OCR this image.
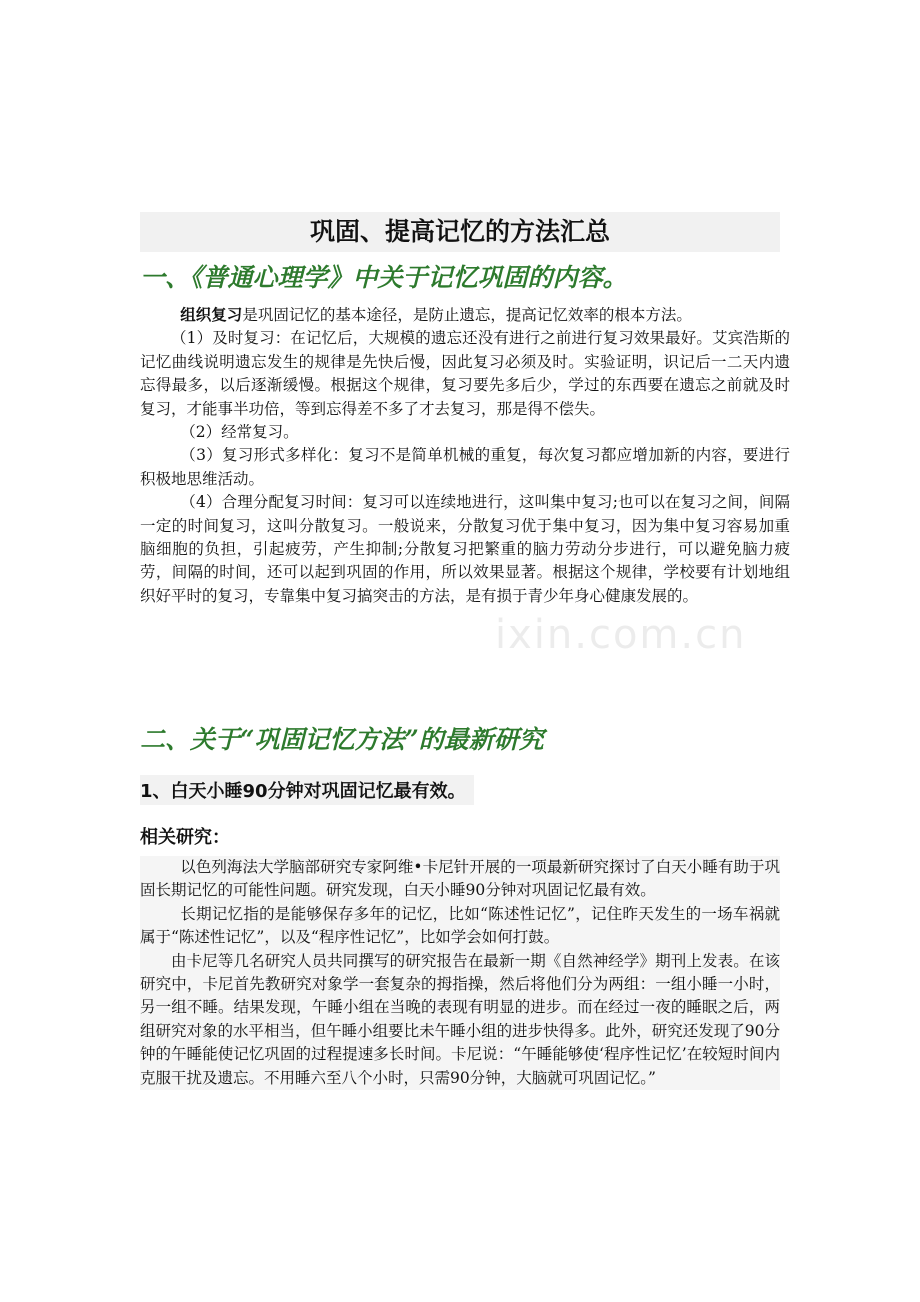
巩固、提高记忆的方法汇总
一、《普通心理学》中关于记忆巩固的内容。

组织复习是巩固记忆的基本途径，是防止遗忘，提高记忆效率的根本方法。

（1）及时复习：在记忆后，大规模的遗忘还没有进行之前进行复习效果最好。艾宾浩斯的记忆曲线说明遗忘发生的规律是先快后慢，因此复习必须及时。实验证明，识记后一二天内遗忘得最多，以后逐渐缓慢。根据这个规律，复习要先多后少，学过的东西要在遗忘之前就及时复习，才能事半功倍，等到忘得差不多了才去复习，那是得不偿失。

（2）经常复习。

（3）复习形式多样化：复习不是简单机械的重复，每次复习都应增加新的内容，要进行积极地思维活动。

（4）合理分配复习时间：复习可以连续地进行，这叫集中复习;也可以在复习之间，间隔一定的时间复习，这叫分散复习。一般说来，分散复习优于集中复习，因为集中复习容易加重脑细胞的负担，引起疲劳，产生抑制;分散复习把繁重的脑力劳动分步进行，可以避免脑力疲劳，间隔的时间，还可以起到巩固的作用，所以效果显著。根据这个规律，学校要有计划地组织好平时的复习，专靠集中复习搞突击的方法，是有损于青少年身心健康发展的。

ixin.com.cn
二、关于“巩固记忆方法”的最新研究
1、白天小睡90分钟对巩固记忆最有效。
相关研究：

以色列海法大学脑部研究专家阿维•卡尼针开展的一项最新研究探讨了白天小睡有助于巩固长期记忆的可能性问题。研究发现，白天小睡90分钟对巩固记忆最有效。

长期记忆指的是能够保存多年的记忆，比如“陈述性记忆”，记住昨天发生的一场车祸就属于“陈述性记忆”，以及“程序性记忆”，比如学会如何打鼓。

由卡尼等几名研究人员共同撰写的研究报告在最新一期《自然神经学》期刊上发表。在该研究中，卡尼首先教研究对象学一套复杂的拇指操，然后将他们分为两组：一组小睡一小时，另一组不睡。结果发现，午睡小组在当晚的表现有明显的进步。而在经过一夜的睡眠之后，两组研究对象的水平相当，但午睡小组要比未午睡小组的进步快得多。此外，研究还发现了90分钟的午睡能使记忆巩固的过程提速多长时间。卡尼说：“午睡能够使‘程序性记忆’在较短时间内克服干扰及遗忘。不用睡六至八个小时，只需90分钟，大脑就可巩固记忆。”
